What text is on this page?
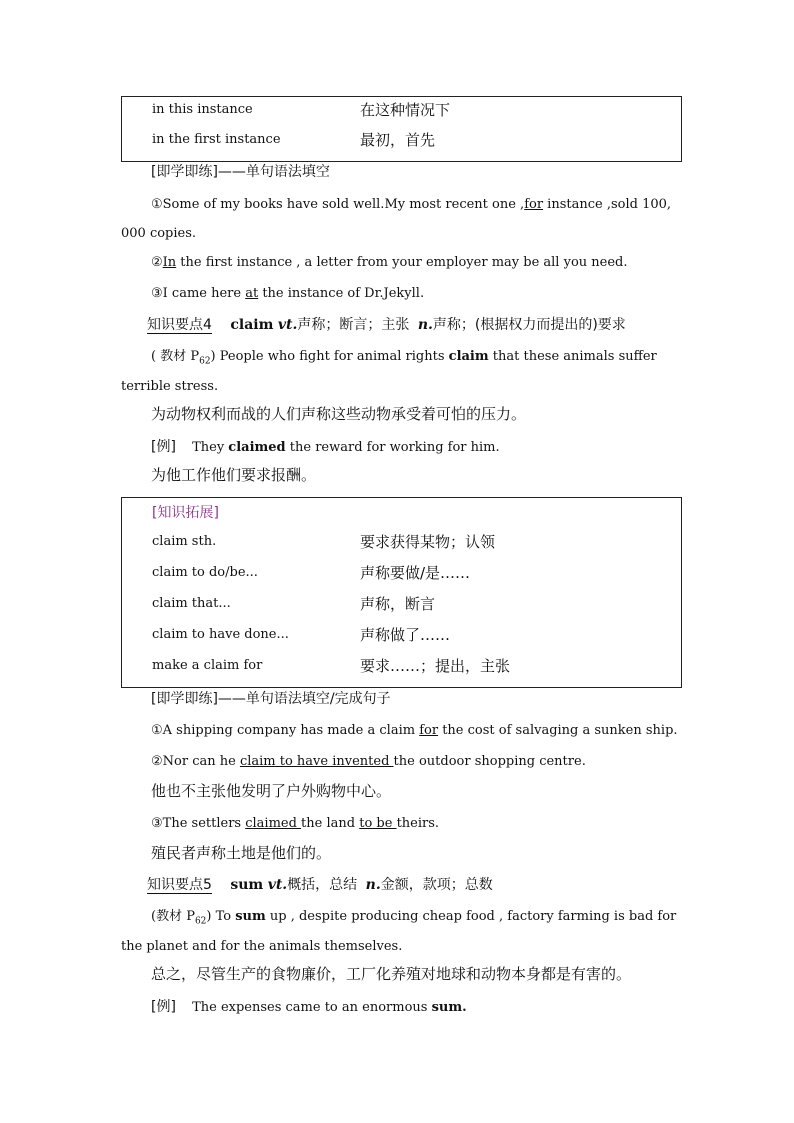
in this instance	在这种情况下
in the first instance	最初，首先
[即学即练]——单句语法填空
①Some of my books have sold well.My most recent one ,for instance ,sold 100,
000 copies.
②In the first instance , a letter from your employer may be all you need.
③I came here at the instance of Dr.Jekyll.
知识要点4 claim vt.声称；断言；主张 n.声称；(根据权力而提出的)要求
( 教材 $P_{62}$) People who fight for animal rights claim that these animals suffer
terrible stress.
为动物权利而战的人们声称这些动物承受着可怕的压力。
[例] They claimed the reward for working for him.
为他工作他们要求报酬。
[知识拓展]
claim sth.	要求获得某物；认领
claim to do/be...	声称要做/是……
claim that...	声称，断言
claim to have done...	声称做了……
make a claim for	要求……；提出，主张
[即学即练]——单句语法填空/完成句子
①A shipping company has made a claim for the cost of salvaging a sunken ship.
②Nor can he claim to have invented the outdoor shopping centre.
他也不主张他发明了户外购物中心。
③The settlers claimed the land to be theirs.
殖民者声称土地是他们的。
知识要点5 sum vt.概括，总结 n.金额，款项；总数
(教材 $P_{62}$) To sum up , despite producing cheap food , factory farming is bad for
the planet and for the animals themselves.
总之，尽管生产的食物廉价，工厂化养殖对地球和动物本身都是有害的。
[例] The expenses came to an enormous sum.
